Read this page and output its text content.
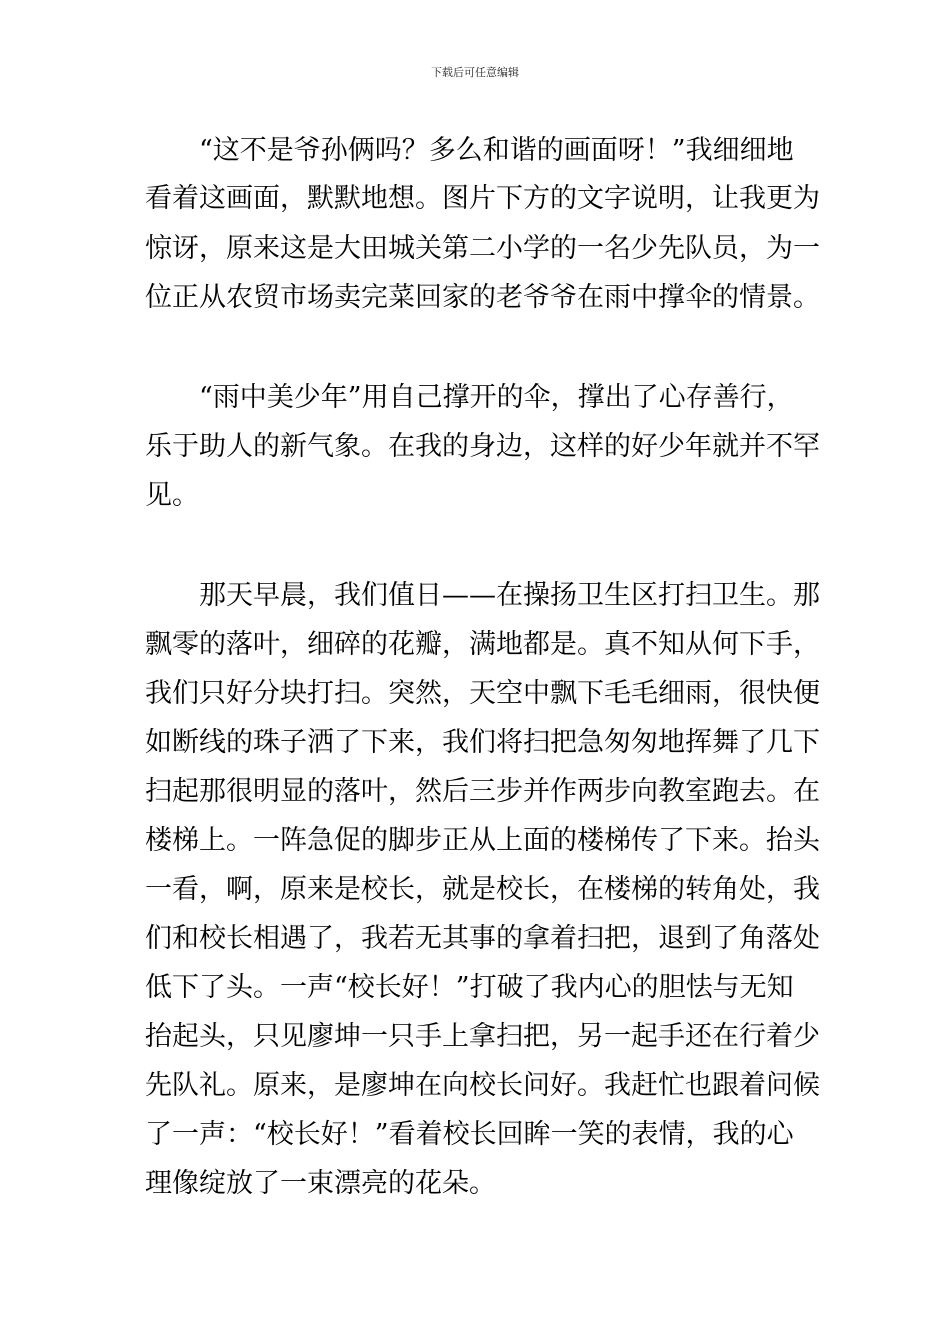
下载后可任意编辑
“这不是爷孙俩吗？多么和谐的画面呀！”我细细地
看着这画面，默默地想。图片下方的文字说明，让我更为
惊讶，原来这是大田城关第二小学的一名少先队员，为一
位正从农贸市场卖完菜回家的老爷爷在雨中撑伞的情景。
“雨中美少年”用自己撑开的伞，撑出了心存善行，
乐于助人的新气象。在我的身边，这样的好少年就并不罕
见。
那天早晨，我们值日——在操扬卫生区打扫卫生。那
飘零的落叶，细碎的花瓣，满地都是。真不知从何下手，
我们只好分块打扫。突然，天空中飘下毛毛细雨，很快便
如断线的珠子洒了下来，我们将扫把急匆匆地挥舞了几下
扫起那很明显的落叶，然后三步并作两步向教室跑去。在
楼梯上。一阵急促的脚步正从上面的楼梯传了下来。抬头
一看，啊，原来是校长，就是校长，在楼梯的转角处，我
们和校长相遇了，我若无其事的拿着扫把，退到了角落处
低下了头。一声“校长好！”打破了我内心的胆怯与无知
抬起头，只见廖坤一只手上拿扫把，另一起手还在行着少
先队礼。原来，是廖坤在向校长问好。我赶忙也跟着问候
了一声：“校长好！”看着校长回眸一笑的表情，我的心
理像绽放了一束漂亮的花朵。
